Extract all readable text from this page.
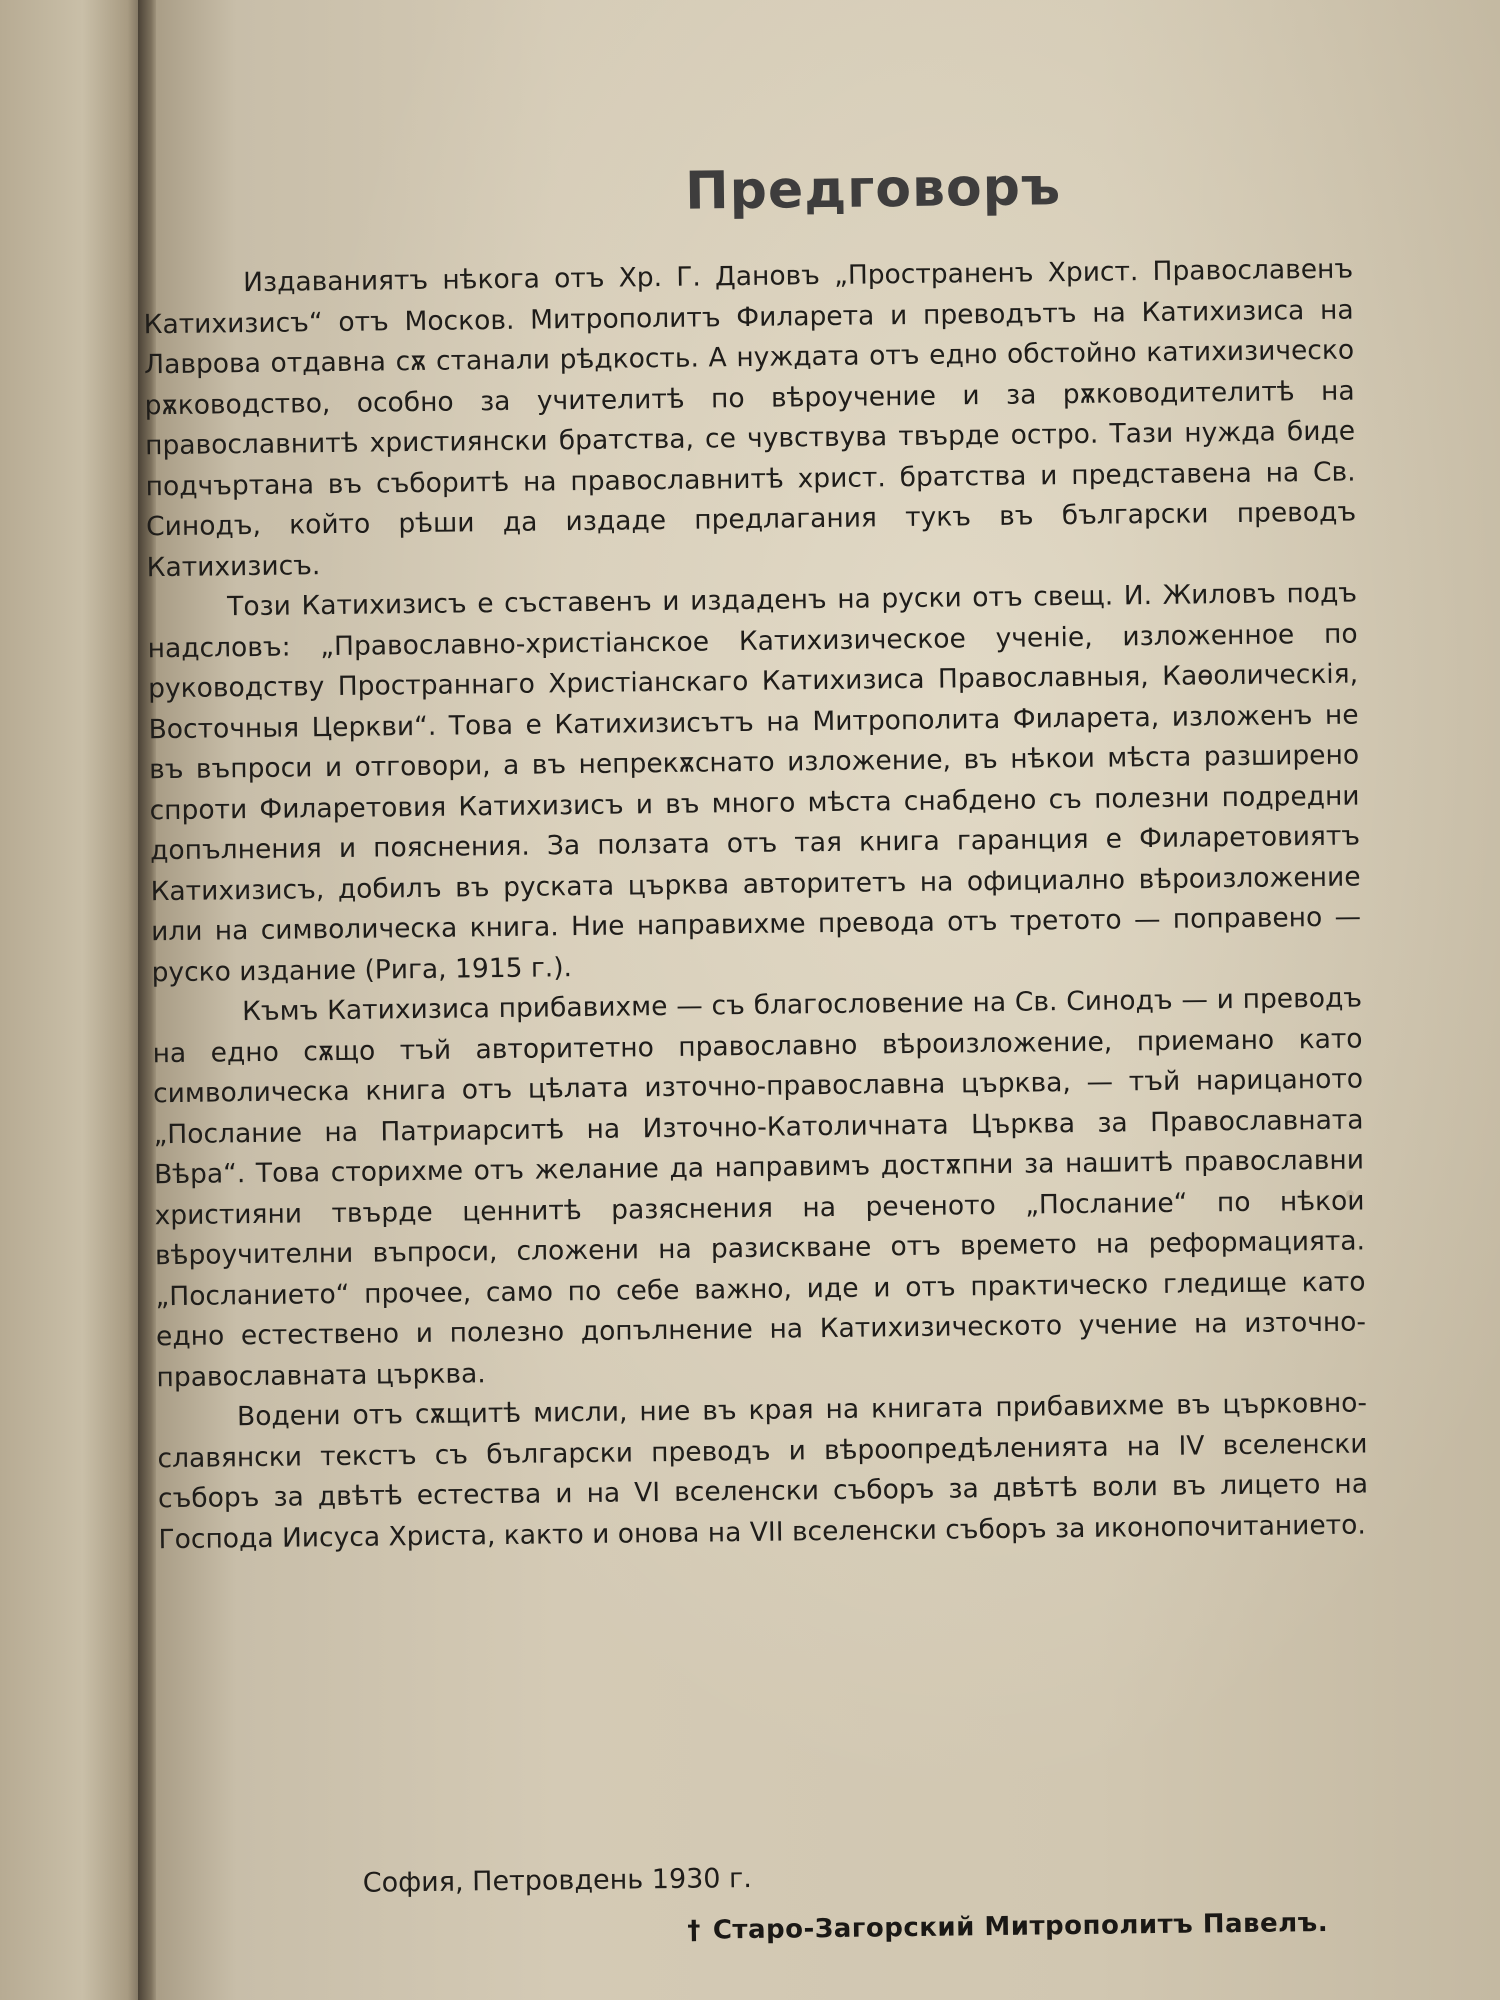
Предговоръ

Издаваниятъ нѣкога отъ Хр. Г. Дановъ „Пространенъ Христ. Православенъ Катихизисъ“ отъ Москов. Митрополитъ Филарета и преводътъ на Катихизиса на Лаврова отдавна сѫ станали рѣдкость. А нуждата отъ едно обстойно катихизическо рѫководство, особно за учителитѣ по вѣроучение и за рѫководителитѣ на православнитѣ християнски братства, се чувствува твърде остро. Тази нужда биде подчъртана въ съборитѣ на православнитѣ христ. братства и представена на Св. Синодъ, който рѣши да издаде предлагания тукъ въ български преводъ Катихизисъ.

Този Катихизисъ е съставенъ и издаденъ на руски отъ свещ. И. Жиловъ подъ надсловъ: „Православно-христіанское Катихизическое ученіе, изложенное по руководству Пространнаго Христіанскаго Катихизиса Православныя, Каѳолическія, Восточныя Церкви“. Това е Катихизисътъ на Митрополита Филарета, изложенъ не въ въпроси и отговори, а въ непрекѫснато изложение, въ нѣкои мѣста разширено спроти Филаретовия Катихизисъ и въ много мѣста снабдено съ полезни подредни допълнения и пояснения. За ползата отъ тая книга гаранция е Филаретовиятъ Катихизисъ, добилъ въ руската църква авторитетъ на официално вѣроизложение или на символическа книга. Ние направихме превода отъ третото — поправено — руско издание (Рига, 1915 г.).

Къмъ Катихизиса прибавихме — съ благословение на Св. Синодъ — и преводъ на едно сѫщо тъй авторитетно православно вѣроизложение, приемано като символическа книга отъ цѣлата източно-православна църква, — тъй нарицаното „Послание на Патриарситѣ на Източно-Католичната Църква за Православната Вѣра“. Това сторихме отъ желание да направимъ достѫпни за нашитѣ православни християни твърде ценнитѣ разяснения на реченото „Послание“ по нѣкои вѣроучителни въпроси, сложени на разискване отъ времето на реформацията. „Посланието“ прочее, само по себе важно, иде и отъ практическо гледище като едно естествено и полезно допълнение на Катихизическото учение на източно-православната църква.

Водени отъ сѫщитѣ мисли, ние въ края на книгата прибавихме въ църковно-славянски текстъ съ български преводъ и вѣроопредѣленията на IV вселенски съборъ за двѣтѣ естества и на VI вселенски съборъ за двѣтѣ воли въ лицето на Господа Иисуса Христа, както и онова на VII вселенски съборъ за иконопочитанието.

София, Петровдень 1930 г.
† Старо-Загорский Митрополитъ Павелъ.
